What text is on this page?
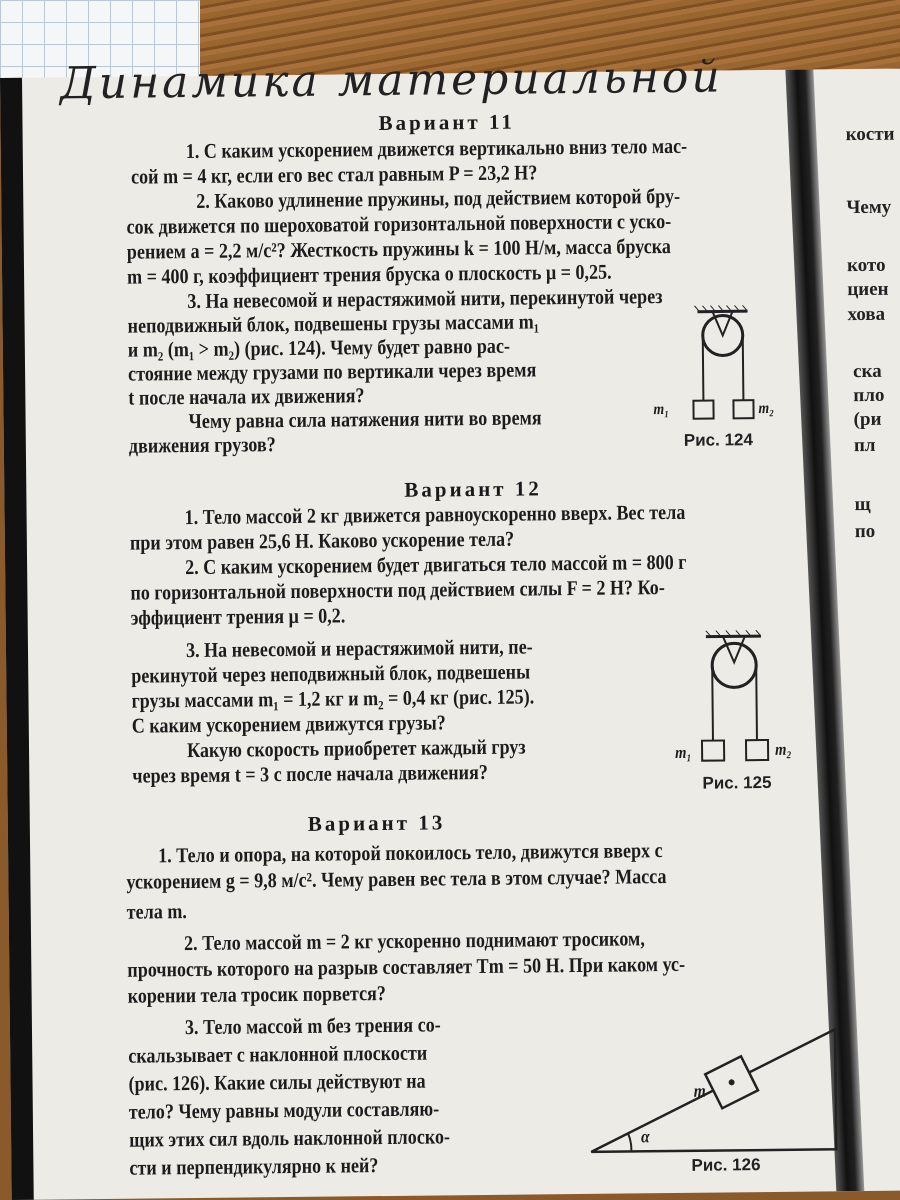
Динамика материальной
Вариант 11
1. С каким ускорением движется вертикально вниз тело мас-
сой m = 4 кг, если его вес стал равным P = 23,2 Н?
2. Каково удлинение пружины, под действием которой бру-
сок движется по шероховатой горизонтальной поверхности с уско-
рением a = 2,2 м/с²? Жесткость пружины k = 100 Н/м, масса бруска
m = 400 г, коэффициент трения бруска о плоскость μ = 0,25.
3. На невесомой и нерастяжимой нити, перекинутой через
неподвижный блок, подвешены грузы массами m₁
и m₂ (m₁ > m₂) (рис. 124). Чему будет равно рас-
стояние между грузами по вертикали через время
t после начала их движения?
Чему равна сила натяжения нити во время
движения грузов?
m₁	m₂
Рис. 124
Вариант 12
1. Тело массой 2 кг движется равноускоренно вверх. Вес тела
при этом равен 25,6 Н. Каково ускорение тела?
2. С каким ускорением будет двигаться тело массой m = 800 г
по горизонтальной поверхности под действием силы F = 2 Н? Ко-
эффициент трения μ = 0,2.
3. На невесомой и нерастяжимой нити, пе-
рекинутой через неподвижный блок, подвешены
грузы массами m₁ = 1,2 кг и m₂ = 0,4 кг (рис. 125).
С каким ускорением движутся грузы?
Какую скорость приобретет каждый груз
через время t = 3 с после начала движения?
m₁	m₂
Рис. 125
Вариант 13
1. Тело и опора, на которой покоилось тело, движутся вверх с
ускорением g = 9,8 м/с². Чему равен вес тела в этом случае? Масса
тела m.
2. Тело массой m = 2 кг ускоренно поднимают тросиком,
прочность которого на разрыв составляет Tm = 50 Н. При каком ус-
корении тела тросик порвется?
3. Тело массой m без трения со-
скальзывает с наклонной плоскости
(рис. 126). Какие силы действуют на
тело? Чему равны модули составляю-
щих этих сил вдоль наклонной плоско-
сти и перпендикулярно к ней?
m
α
Рис. 126
кости
Чему
кото
циен
хова
ска
пло
(ри
пл
щ
по
